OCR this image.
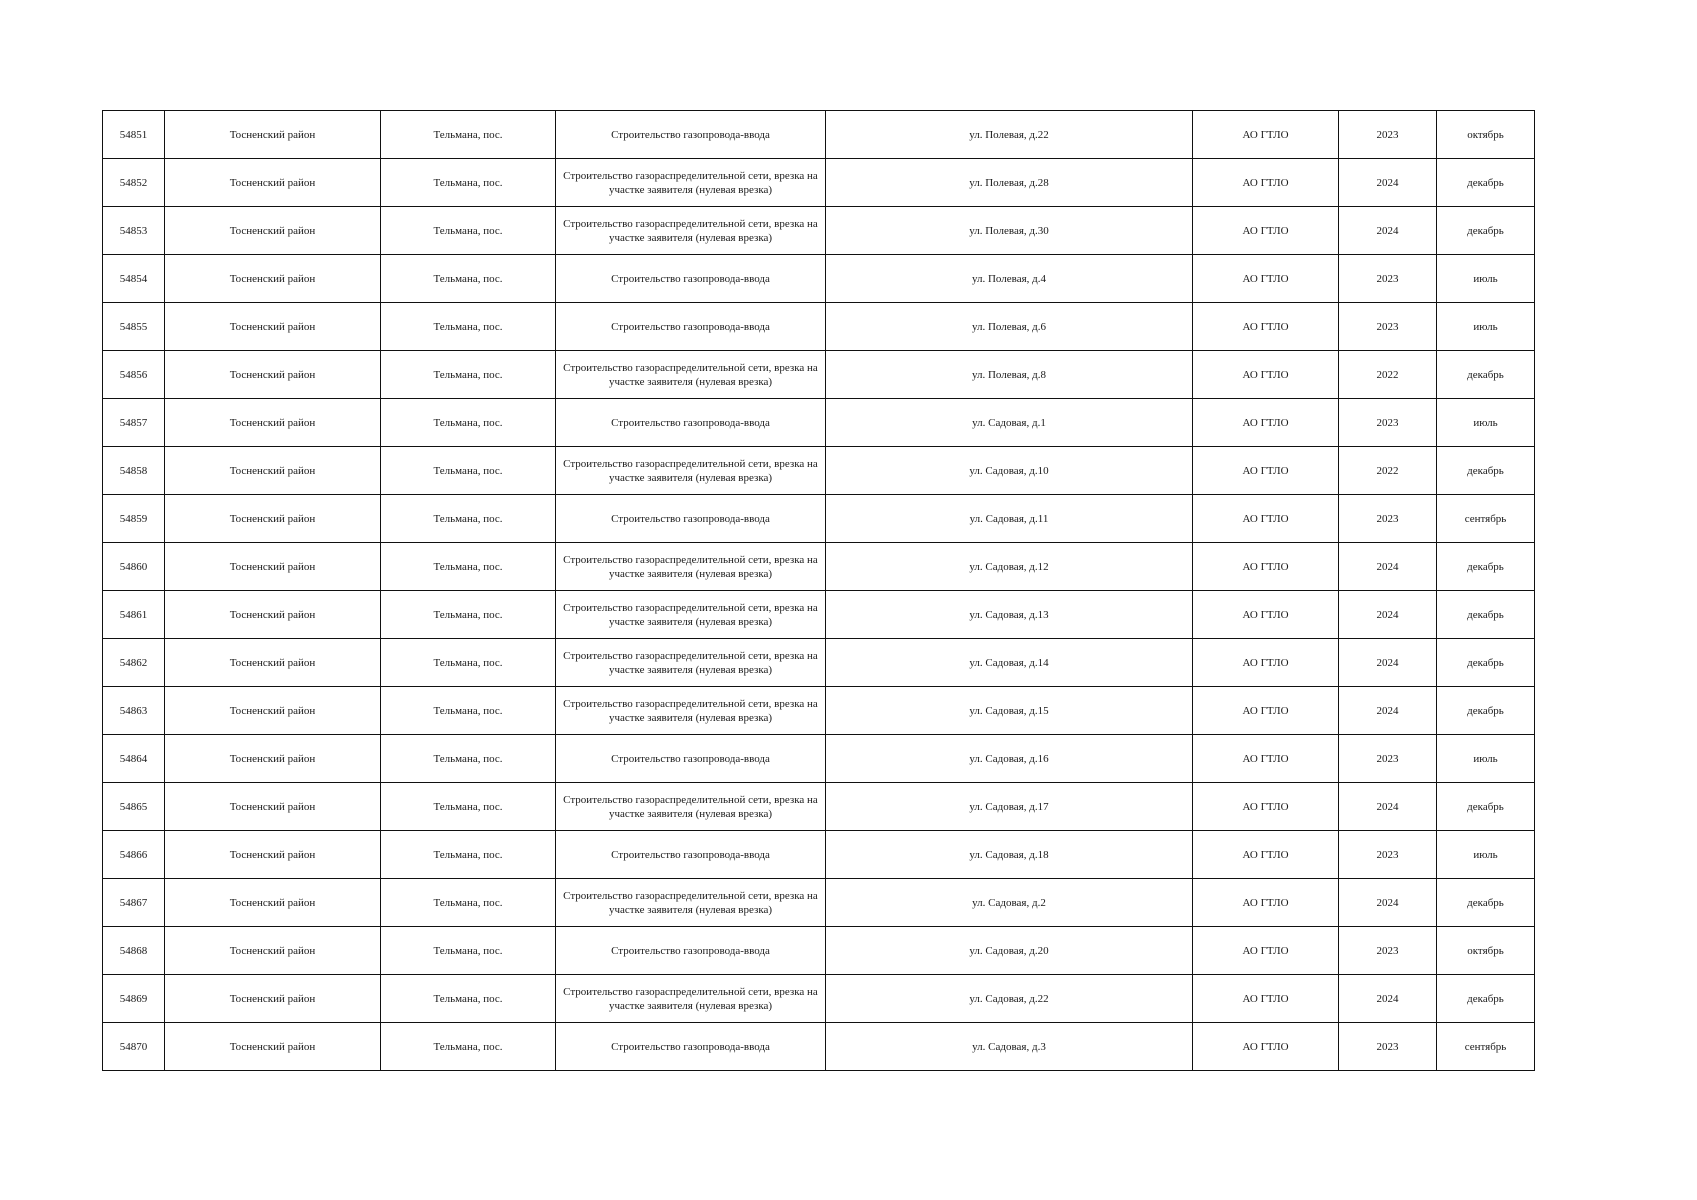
54851	Тосненский район	Тельмана, пос.	Строительство газопровода-ввода	ул. Полевая, д.22	АО ГТЛО	2023	октябрь
54852	Тосненский район	Тельмана, пос.	Строительство газораспределительной сети, врезка на участке заявителя (нулевая врезка)	ул. Полевая, д.28	АО ГТЛО	2024	декабрь
54853	Тосненский район	Тельмана, пос.	Строительство газораспределительной сети, врезка на участке заявителя (нулевая врезка)	ул. Полевая, д.30	АО ГТЛО	2024	декабрь
54854	Тосненский район	Тельмана, пос.	Строительство газопровода-ввода	ул. Полевая, д.4	АО ГТЛО	2023	июль
54855	Тосненский район	Тельмана, пос.	Строительство газопровода-ввода	ул. Полевая, д.6	АО ГТЛО	2023	июль
54856	Тосненский район	Тельмана, пос.	Строительство газораспределительной сети, врезка на участке заявителя (нулевая врезка)	ул. Полевая, д.8	АО ГТЛО	2022	декабрь
54857	Тосненский район	Тельмана, пос.	Строительство газопровода-ввода	ул. Садовая, д.1	АО ГТЛО	2023	июль
54858	Тосненский район	Тельмана, пос.	Строительство газораспределительной сети, врезка на участке заявителя (нулевая врезка)	ул. Садовая, д.10	АО ГТЛО	2022	декабрь
54859	Тосненский район	Тельмана, пос.	Строительство газопровода-ввода	ул. Садовая, д.11	АО ГТЛО	2023	сентябрь
54860	Тосненский район	Тельмана, пос.	Строительство газораспределительной сети, врезка на участке заявителя (нулевая врезка)	ул. Садовая, д.12	АО ГТЛО	2024	декабрь
54861	Тосненский район	Тельмана, пос.	Строительство газораспределительной сети, врезка на участке заявителя (нулевая врезка)	ул. Садовая, д.13	АО ГТЛО	2024	декабрь
54862	Тосненский район	Тельмана, пос.	Строительство газораспределительной сети, врезка на участке заявителя (нулевая врезка)	ул. Садовая, д.14	АО ГТЛО	2024	декабрь
54863	Тосненский район	Тельмана, пос.	Строительство газораспределительной сети, врезка на участке заявителя (нулевая врезка)	ул. Садовая, д.15	АО ГТЛО	2024	декабрь
54864	Тосненский район	Тельмана, пос.	Строительство газопровода-ввода	ул. Садовая, д.16	АО ГТЛО	2023	июль
54865	Тосненский район	Тельмана, пос.	Строительство газораспределительной сети, врезка на участке заявителя (нулевая врезка)	ул. Садовая, д.17	АО ГТЛО	2024	декабрь
54866	Тосненский район	Тельмана, пос.	Строительство газопровода-ввода	ул. Садовая, д.18	АО ГТЛО	2023	июль
54867	Тосненский район	Тельмана, пос.	Строительство газораспределительной сети, врезка на участке заявителя (нулевая врезка)	ул. Садовая, д.2	АО ГТЛО	2024	декабрь
54868	Тосненский район	Тельмана, пос.	Строительство газопровода-ввода	ул. Садовая, д.20	АО ГТЛО	2023	октябрь
54869	Тосненский район	Тельмана, пос.	Строительство газораспределительной сети, врезка на участке заявителя (нулевая врезка)	ул. Садовая, д.22	АО ГТЛО	2024	декабрь
54870	Тосненский район	Тельмана, пос.	Строительство газопровода-ввода	ул. Садовая, д.3	АО ГТЛО	2023	сентябрь
